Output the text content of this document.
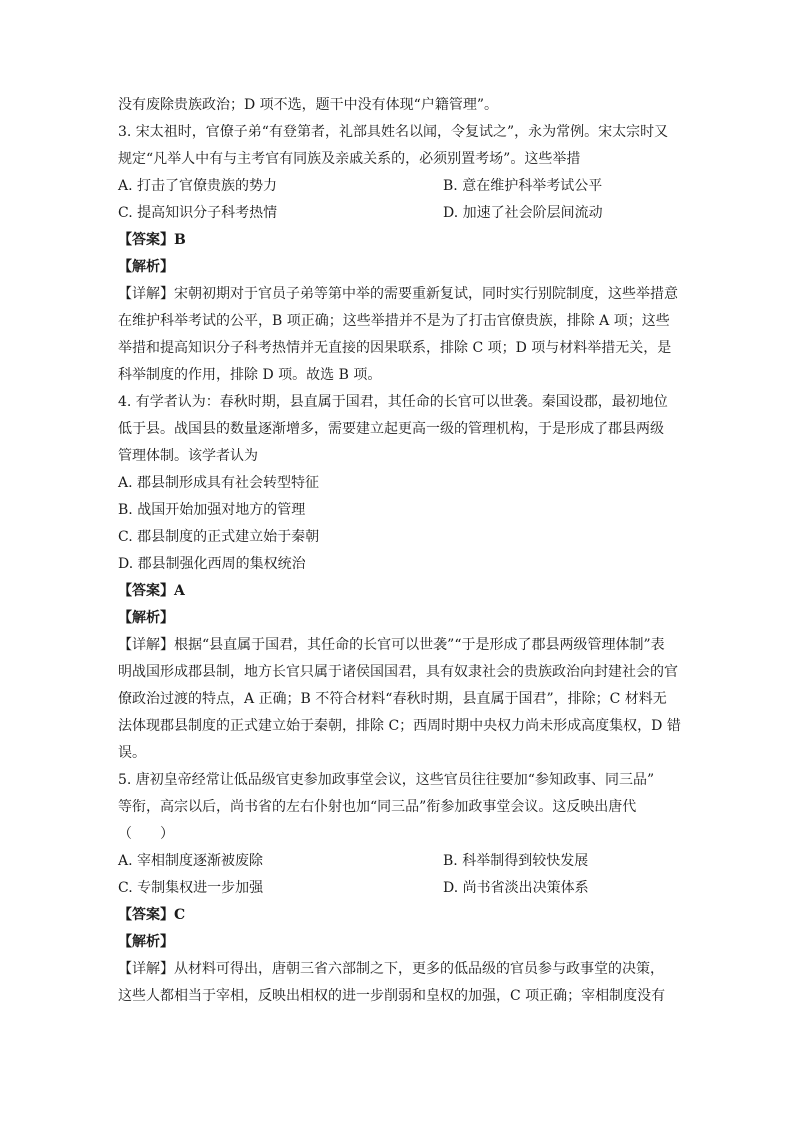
没有废除贵族政治；D 项不选，题干中没有体现“户籍管理”。
3. 宋太祖时，官僚子弟“有登第者，礼部具姓名以闻，令复试之”，永为常例。宋太宗时又
规定“凡举人中有与主考官有同族及亲戚关系的，必须别置考场”。这些举措
A. 打击了官僚贵族的势力	B. 意在维护科举考试公平
C. 提高知识分子科考热情	D. 加速了社会阶层间流动
【答案】B
【解析】
【详解】宋朝初期对于官员子弟等第中举的需要重新复试，同时实行别院制度，这些举措意
在维护科举考试的公平，B 项正确；这些举措并不是为了打击官僚贵族，排除 A 项；这些
举措和提高知识分子科考热情并无直接的因果联系，排除 C 项；D 项与材料举措无关，是
科举制度的作用，排除 D 项。故选 B 项。
4. 有学者认为：春秋时期，县直属于国君，其任命的长官可以世袭。秦国设郡，最初地位
低于县。战国县的数量逐渐增多，需要建立起更高一级的管理机构，于是形成了郡县两级
管理体制。该学者认为
A. 郡县制形成具有社会转型特征
B. 战国开始加强对地方的管理
C. 郡县制度的正式建立始于秦朝
D. 郡县制强化西周的集权统治
【答案】A
【解析】
【详解】根据“县直属于国君，其任命的长官可以世袭”“于是形成了郡县两级管理体制”表
明战国形成郡县制，地方长官只属于诸侯国国君，具有奴隶社会的贵族政治向封建社会的官
僚政治过渡的特点，A 正确；B 不符合材料“春秋时期，县直属于国君”，排除；C 材料无
法体现郡县制度的正式建立始于秦朝，排除 C；西周时期中央权力尚未形成高度集权，D 错
误。
5. 唐初皇帝经常让低品级官吏参加政事堂会议，这些官员往往要加“参知政事、同三品”
等衔，高宗以后，尚书省的左右仆射也加“同三品”衔参加政事堂会议。这反映出唐代
（　　）
A. 宰相制度逐渐被废除	B. 科举制得到较快发展
C. 专制集权进一步加强	D. 尚书省淡出决策体系
【答案】C
【解析】
【详解】从材料可得出，唐朝三省六部制之下，更多的低品级的官员参与政事堂的决策，
这些人都相当于宰相，反映出相权的进一步削弱和皇权的加强，C 项正确；宰相制度没有
